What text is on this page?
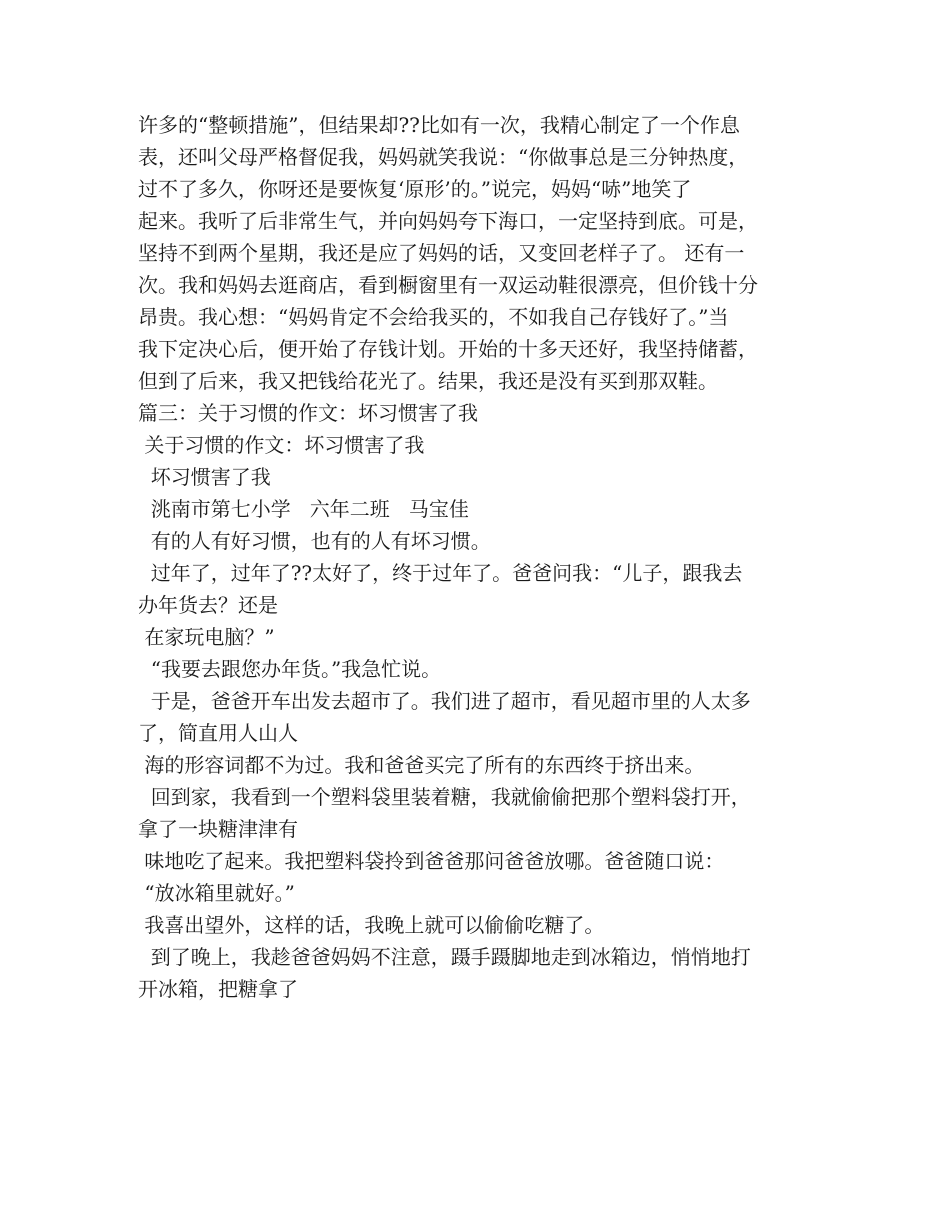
许多的“整顿措施”，但结果却??比如有一次，我精心制定了一个作息
表，还叫父母严格督促我，妈妈就笑我说：“你做事总是三分钟热度，
过不了多久，你呀还是要恢复‘原形’的。”说完，妈妈“哧”地笑了
起来。我听了后非常生气，并向妈妈夸下海口，一定坚持到底。可是，
坚持不到两个星期，我还是应了妈妈的话，又变回老样子了。 还有一
次。我和妈妈去逛商店，看到橱窗里有一双运动鞋很漂亮，但价钱十分
昂贵。我心想：“妈妈肯定不会给我买的，不如我自己存钱好了。”当
我下定决心后，便开始了存钱计划。开始的十多天还好，我坚持储蓄，
但到了后来，我又把钱给花光了。结果，我还是没有买到那双鞋。
篇三：关于习惯的作文：坏习惯害了我
关于习惯的作文：坏习惯害了我
坏习惯害了我
洮南市第七小学   六年二班   马宝佳
有的人有好习惯，也有的人有坏习惯。
过年了，过年了??太好了，终于过年了。爸爸问我：“儿子，跟我去
办年货去？还是
在家玩电脑？”
“我要去跟您办年货。”我急忙说。
于是，爸爸开车出发去超市了。我们进了超市，看见超市里的人太多
了，简直用人山人
海的形容词都不为过。我和爸爸买完了所有的东西终于挤出来。
回到家，我看到一个塑料袋里装着糖，我就偷偷把那个塑料袋打开，
拿了一块糖津津有
味地吃了起来。我把塑料袋拎到爸爸那问爸爸放哪。爸爸随口说：
“放冰箱里就好。”
我喜出望外，这样的话，我晚上就可以偷偷吃糖了。
到了晚上，我趁爸爸妈妈不注意，蹑手蹑脚地走到冰箱边，悄悄地打
开冰箱，把糖拿了
